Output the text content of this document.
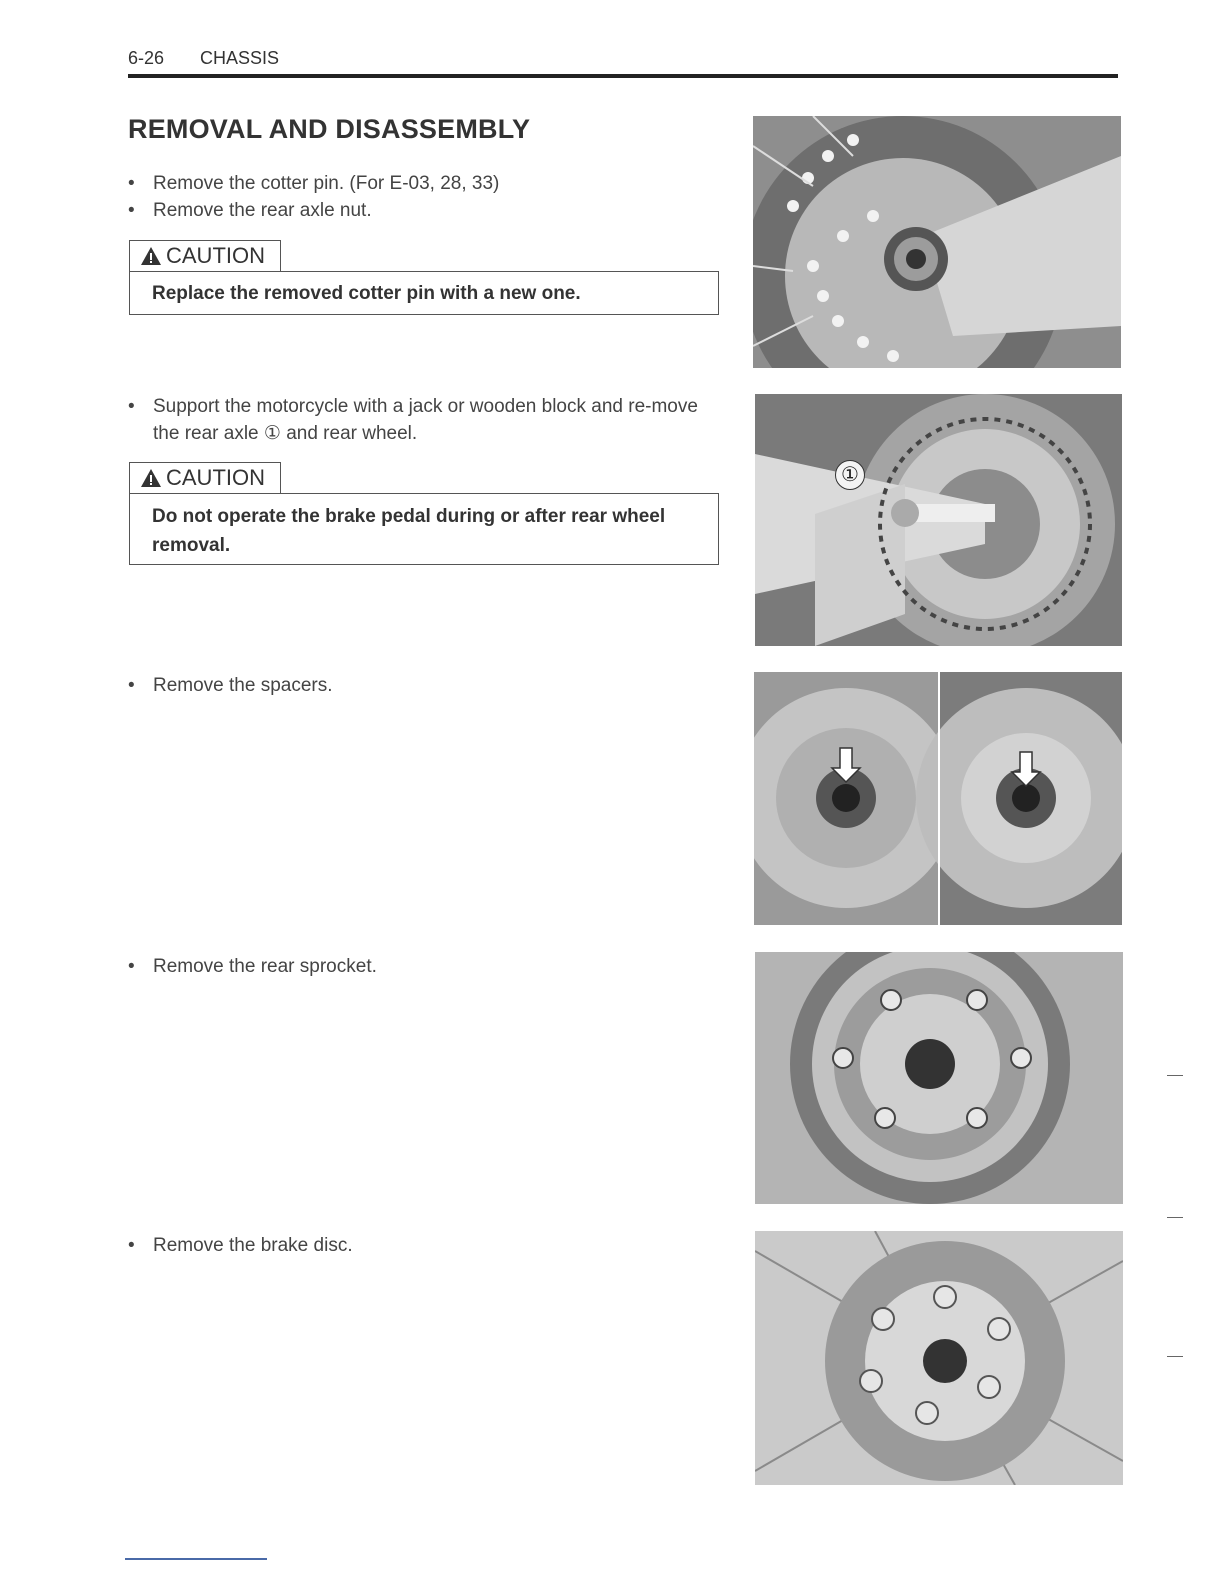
6-26 CHASSIS
REMOVAL AND DISASSEMBLY
• Remove the cotter pin. (For E-03, 28, 33)
• Remove the rear axle nut.
CAUTION
Replace the removed cotter pin with a new one.
• Support the motorcycle with a jack or wooden block and re-move the rear axle ① and rear wheel.
CAUTION
Do not operate the brake pedal during or after rear wheel removal.
• Remove the spacers.
• Remove the rear sprocket.
• Remove the brake disc.
①
